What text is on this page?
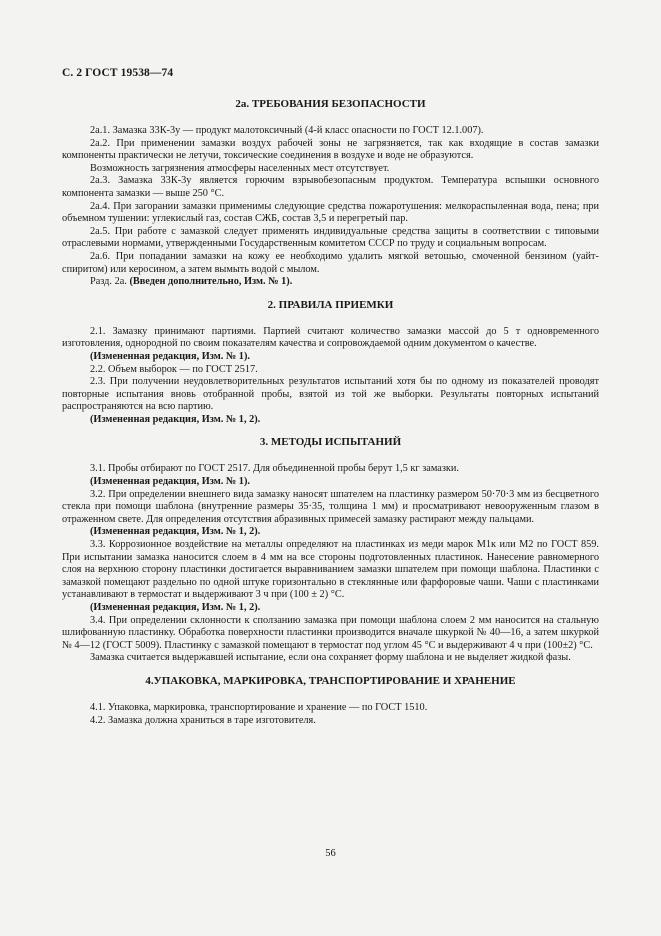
С. 2 ГОСТ 19538—74
2а. ТРЕБОВАНИЯ БЕЗОПАСНОСТИ

2а.1. Замазка 33К-3у — продукт малотоксичный (4-й класс опасности по ГОСТ 12.1.007).

2а.2. При применении замазки воздух рабочей зоны не загрязняется, так как входящие в состав замазки компоненты практически не летучи, токсические соединения в воздухе и воде не образуются.

Возможность загрязнения атмосферы населенных мест отсутствует.

2а.3. Замазка 33К-3у является горючим взрывобезопасным продуктом. Температура вспышки основного компонента замазки — выше 250 °С.

2а.4. При загорании замазки применимы следующие средства пожаротушения: мелкораспыленная вода, пена; при объемном тушении: углекислый газ, состав СЖБ, состав 3,5 и перегретый пар.

2а.5. При работе с замазкой следует применять индивидуальные средства защиты в соответствии с типовыми отраслевыми нормами, утвержденными Государственным комитетом СССР по труду и социальным вопросам.

2а.6. При попадании замазки на кожу ее необходимо удалить мягкой ветошью, смоченной бензином (уайт-спиритом) или керосином, а затем вымыть водой с мылом.

Разд. 2а. (Введен дополнительно, Изм. № 1).

2. ПРАВИЛА ПРИЕМКИ

2.1. Замазку принимают партиями. Партией считают количество замазки массой до 5 т одновременного изготовления, однородной по своим показателям качества и сопровождаемой одним документом о качестве.

(Измененная редакция, Изм. № 1).

2.2. Объем выборок — по ГОСТ 2517.

2.3. При получении неудовлетворительных результатов испытаний хотя бы по одному из показателей проводят повторные испытания вновь отобранной пробы, взятой из той же выборки. Результаты повторных испытаний распространяются на всю партию.

(Измененная редакция, Изм. № 1, 2).

3. МЕТОДЫ ИСПЫТАНИЙ

3.1. Пробы отбирают по ГОСТ 2517. Для объединенной пробы берут 1,5 кг замазки.

(Измененная редакция, Изм. № 1).

3.2. При определении внешнего вида замазку наносят шпателем на пластинку размером 50·70·3 мм из бесцветного стекла при помощи шаблона (внутренние размеры 35·35, толщина 1 мм) и просматривают невооруженным глазом в отраженном свете. Для определения отсутствия абразивных примесей замазку растирают между пальцами.

(Измененная редакция, Изм. № 1, 2).

3.3. Коррозионное воздействие на металлы определяют на пластинках из меди марок М1к или М2 по ГОСТ 859. При испытании замазка наносится слоем в 4 мм на все стороны подготовленных пластинок. Нанесение равномерного слоя на верхнюю сторону пластинки достигается выравниванием замазки шпателем при помощи шаблона. Пластинки с замазкой помещают раздельно по одной штуке горизонтально в стеклянные или фарфоровые чаши. Чаши с пластинками устанавливают в термостат и выдерживают 3 ч при (100 ± 2) °С.

(Измененная редакция, Изм. № 1, 2).

3.4. При определении склонности к сползанию замазка при помощи шаблона слоем 2 мм наносится на стальную шлифованную пластинку. Обработка поверхности пластинки производится вначале шкуркой № 40—16, а затем шкуркой № 4—12 (ГОСТ 5009). Пластинку с замазкой помещают в термостат под углом 45 °С и выдерживают 4 ч при (100±2) °С.

Замазка считается выдержавшей испытание, если она сохраняет форму шаблона и не выделяет жидкой фазы.

4.УПАКОВКА, МАРКИРОВКА, ТРАНСПОРТИРОВАНИЕ И ХРАНЕНИЕ

4.1. Упаковка, маркировка, транспортирование и хранение — по ГОСТ 1510.

4.2. Замазка должна храниться в таре изготовителя.

56
